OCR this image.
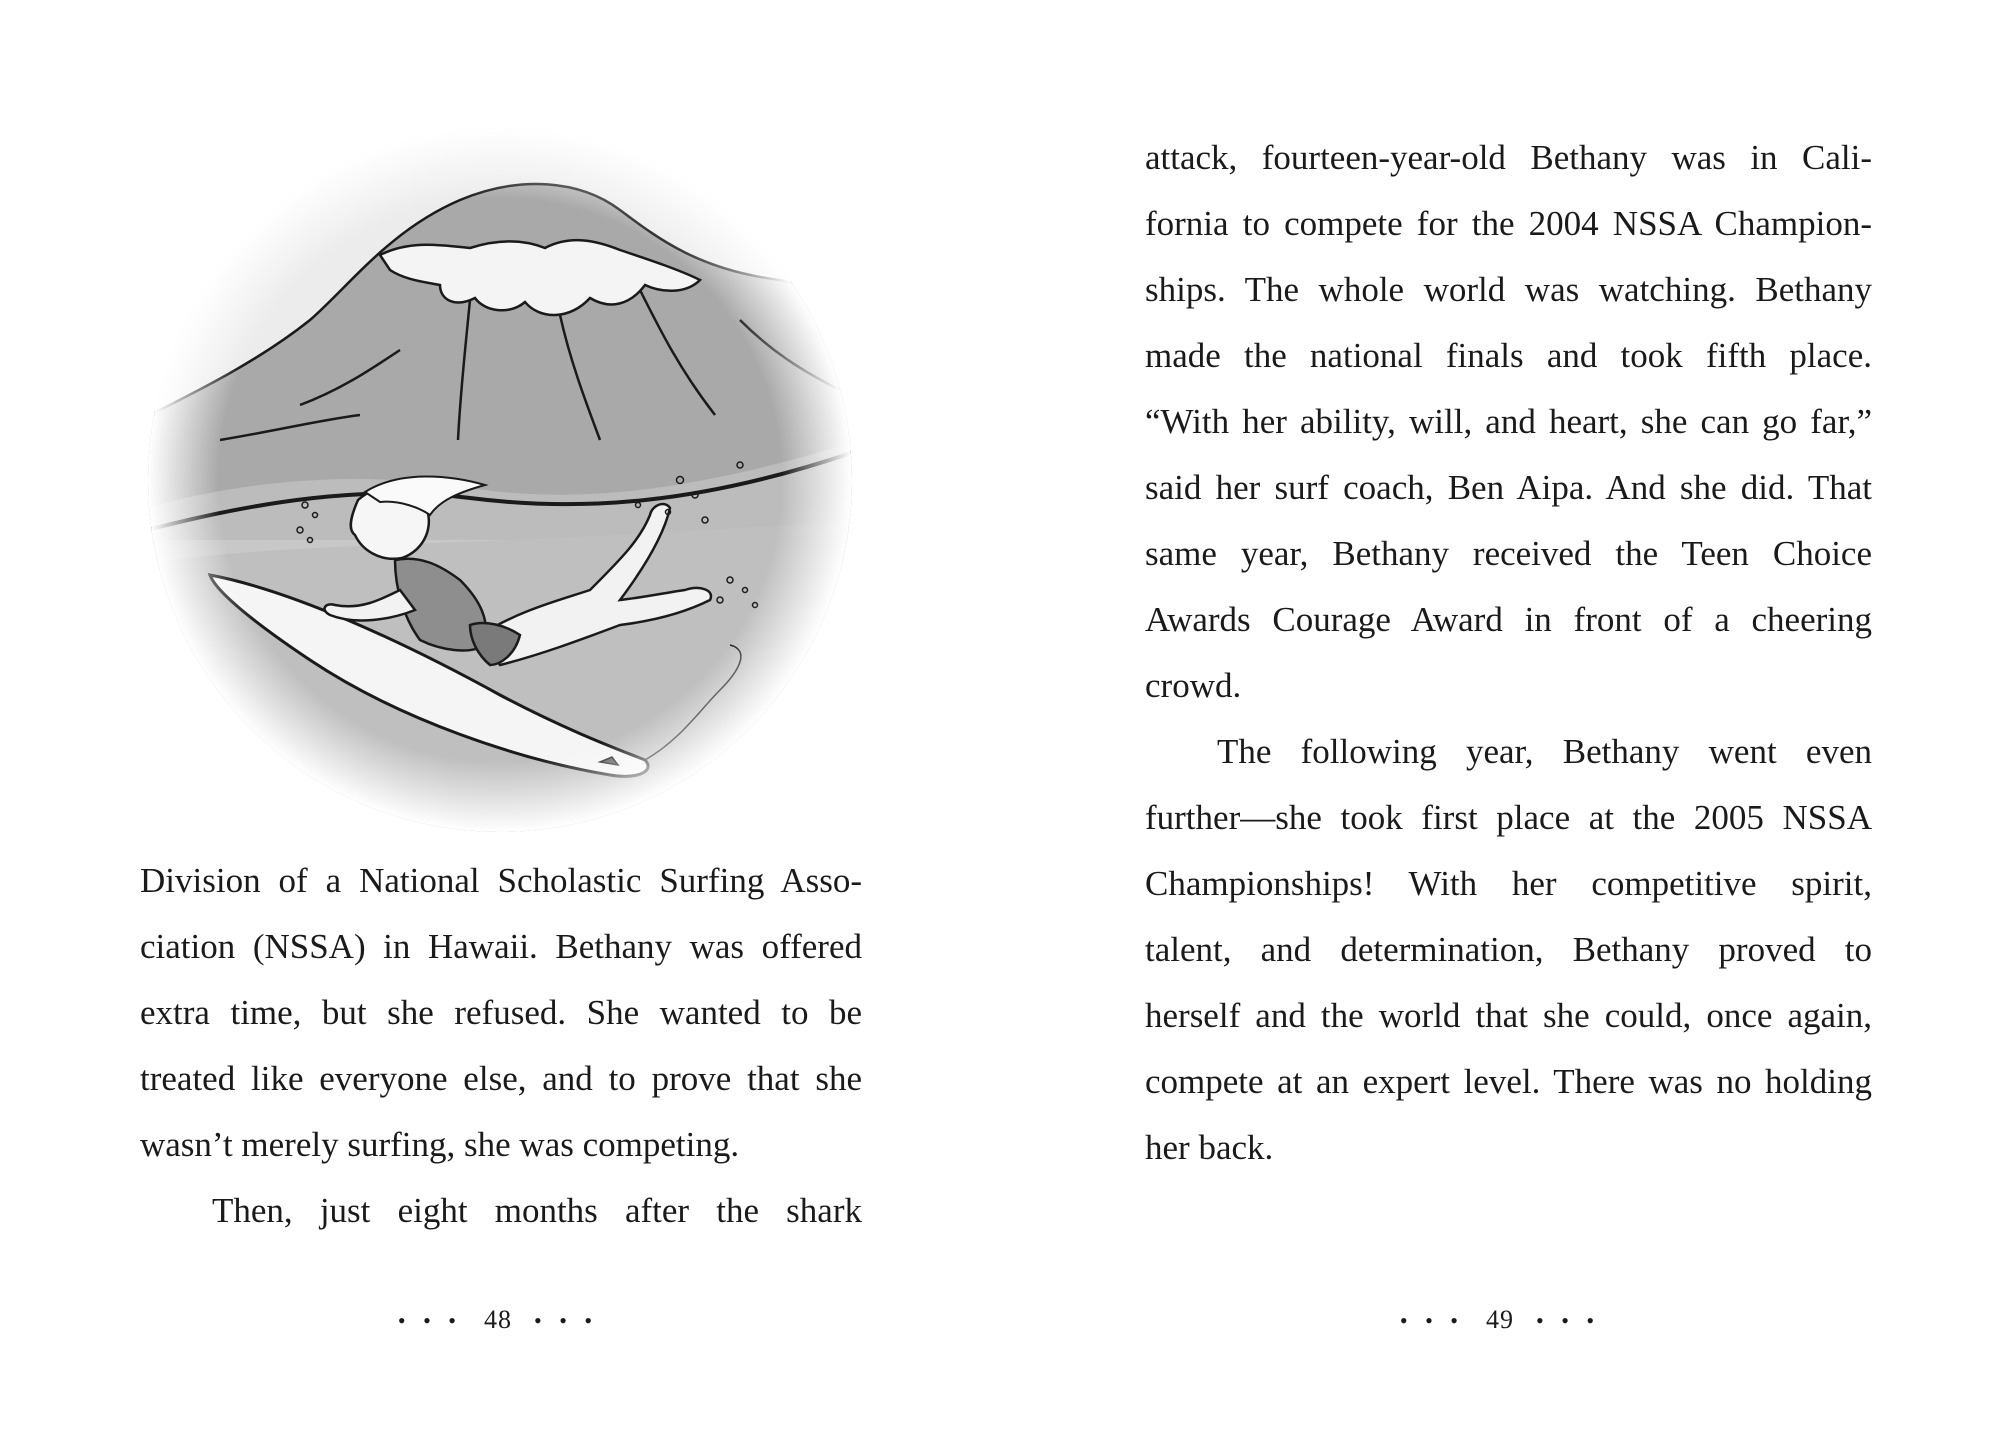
Division of a National Scholastic Surfing Asso-
ciation (NSSA) in Hawaii. Bethany was offered
extra time, but she refused. She wanted to be
treated like everyone else, and to prove that she
wasn’t merely surfing, she was competing.
Then, just eight months after the shark
• • • 48 • • •
attack, fourteen-year-old Bethany was in Cali-
fornia to compete for the 2004 NSSA Champion-
ships. The whole world was watching. Bethany
made the national finals and took fifth place.
“With her ability, will, and heart, she can go far,”
said her surf coach, Ben Aipa. And she did. That
same year, Bethany received the Teen Choice
Awards Courage Award in front of a cheering
crowd.
The following year, Bethany went even
further—she took first place at the 2005 NSSA
Championships! With her competitive spirit,
talent, and determination, Bethany proved to
herself and the world that she could, once again,
compete at an expert level. There was no holding
her back.
• • • 49 • • •
